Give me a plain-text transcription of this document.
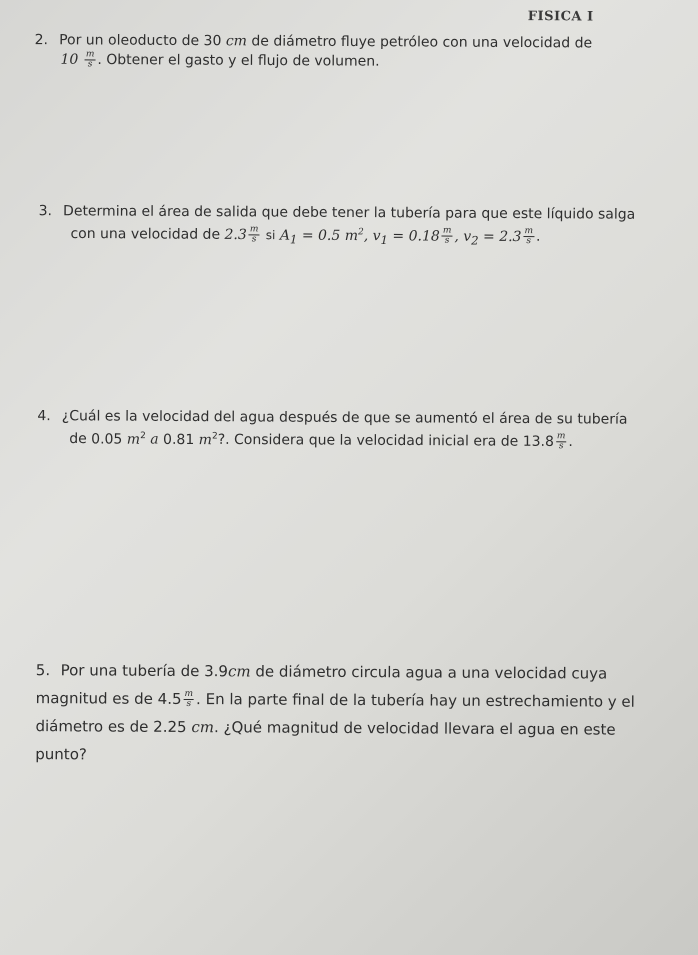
FISICA I
2. Por un oleoducto de 30 cm de diámetro fluye petróleo con una velocidad de
$10 \frac{m}{s}$ . Obtener el gasto y el flujo de volumen.
3. Determina el área de salida que debe tener la tubería para que este líquido salga
con una velocidad de $2.3 \frac{m}{s}$ si $A_1 = 0.5$ $m^2$, $v_1 = 0.18 \frac{m}{s}$ , $v_2 = 2.3 \frac{m}{s}$ .
4. ¿Cuál es la velocidad del agua después de que se aumentó el área de su tubería
de 0.05 $m^2$ a 0.81 $m^2$?. Considera que la velocidad inicial era de $13.8 \frac{m}{s}$ .
5. Por una tubería de 3.9cm de diámetro circula agua a una velocidad cuya
magnitud es de $4.5 \frac{m}{s}$ . En la parte final de la tubería hay un estrechamiento y el
diámetro es de 2.25 cm. ¿Qué magnitud de velocidad llevara el agua en este
punto?
